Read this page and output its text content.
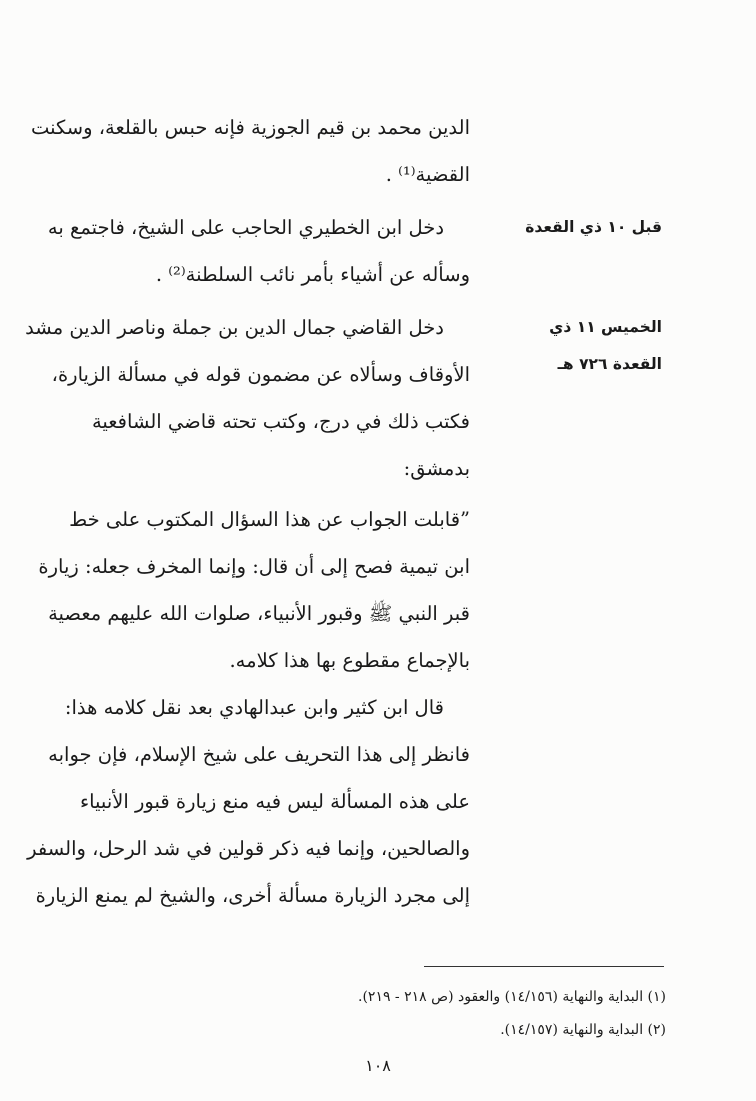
الدين محمد بن قيم الجوزية فإنه حبس بالقلعة، وسكنت
القضية⁽¹⁾ .
قبل ١٠ ذي القعدة
دخل ابن الخطيري الحاجب على الشيخ، فاجتمع به
وسأله عن أشياء بأمر نائب السلطنة⁽²⁾ .
الخميس ١١ ذي
القعدة ٧٢٦ هـ
دخل القاضي جمال الدين بن جملة وناصر الدين مشد
الأوقاف وسألاه عن مضمون قوله في مسألة الزيارة،
فكتب ذلك في درج، وكتب تحته قاضي الشافعية
بدمشق:
”قابلت الجواب عن هذا السؤال المكتوب على خط
ابن تيمية فصح إلى أن قال: وإنما المخرف جعله: زيارة
قبر النبي ﷺ وقبور الأنبياء، صلوات الله عليهم معصية
بالإجماع مقطوع بها هذا كلامه.
قال ابن كثير وابن عبدالهادي بعد نقل كلامه هذا:
فانظر إلى هذا التحريف على شيخ الإسلام، فإن جوابه
على هذه المسألة ليس فيه منع زيارة قبور الأنبياء
والصالحين، وإنما فيه ذكر قولين في شد الرحل، والسفر
إلى مجرد الزيارة مسألة أخرى، والشيخ لم يمنع الزيارة
(١) البداية والنهاية (١٤/١٥٦) والعقود (ص ٢١٨ - ٢١٩).
(٢) البداية والنهاية (١٤/١٥٧).
١٠٨
